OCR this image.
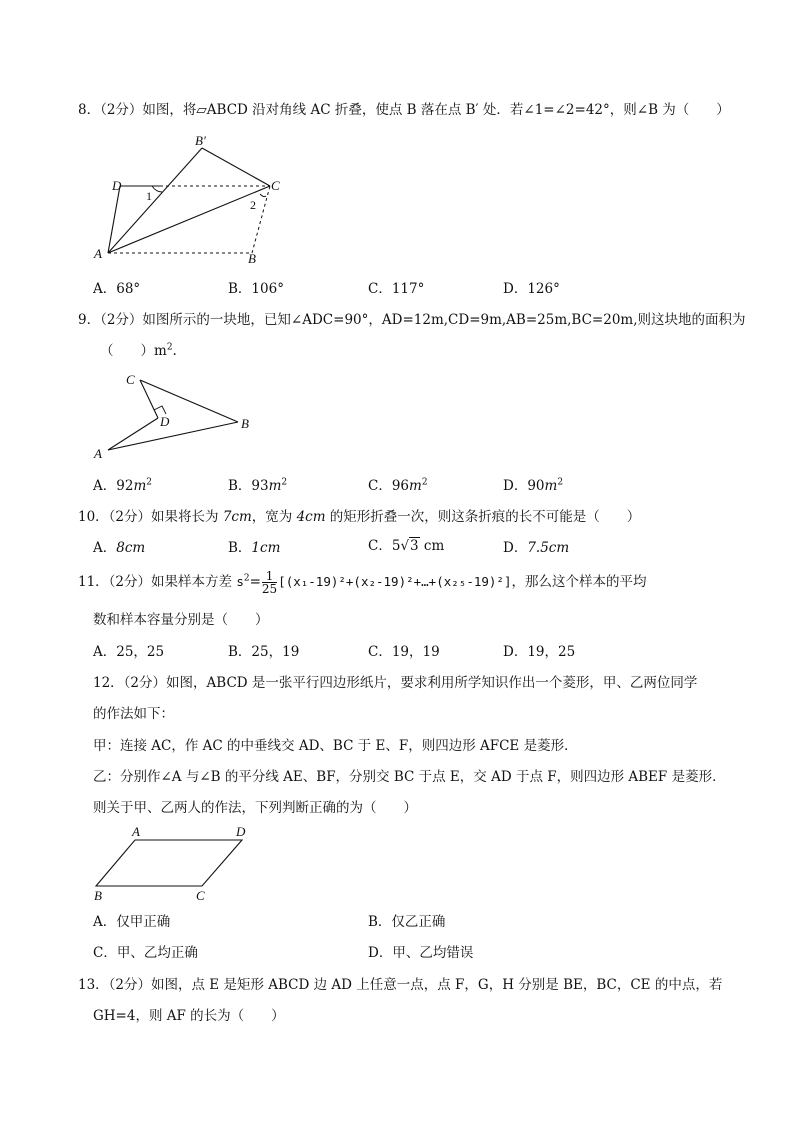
8．（2分）如图，将▱ABCD 沿对角线 AC 折叠，使点 B 落在点 B′ 处．若∠1=∠2=42°，则∠B 为（　　）
B′
D	C
A	B
1
2
A．68°	B．106°	C．117°	D．126°
9．（2分）如图所示的一块地，已知∠ADC=90°，AD=12m,CD=9m,AB=25m,BC=20m,则这块地的面积为
（　　）$m^2$.
C
D	B
A
A．$92m^2$	B．$93m^2$	C．$96m^2$	D．$90m^2$
10．（2分）如果将长为 7cm，宽为 4cm 的矩形折叠一次，则这条折痕的长不可能是（　　）
A．8cm	B．1cm	C．5√3 cm	D．7.5cm
11．（2分）如果样本方差 $s^2= \frac{1}{25}$ [(x₁-19)²+(x₂-19)²+…+(x₂₅-19)²]，那么这个样本的平均
数和样本容量分别是（　　）
A．25，25	B．25，19	C．19，19	D．19，25
12．（2分）如图，ABCD 是一张平行四边形纸片，要求利用所学知识作出一个菱形，甲、乙两位同学
的作法如下：
甲：连接 AC，作 AC 的中垂线交 AD、BC 于 E、F，则四边形 AFCE 是菱形．
乙：分别作∠A 与∠B 的平分线 AE、BF，分别交 BC 于点 E，交 AD 于点 F，则四边形 ABEF 是菱形．
则关于甲、乙两人的作法，下列判断正确的为（　　）
A	D
B	C
A．仅甲正确	B．仅乙正确
C．甲、乙均正确	D．甲、乙均错误
13．（2分）如图，点 E 是矩形 ABCD 边 AD 上任意一点，点 F，G，H 分别是 BE，BC，CE 的中点，若
GH=4，则 AF 的长为（　　）
